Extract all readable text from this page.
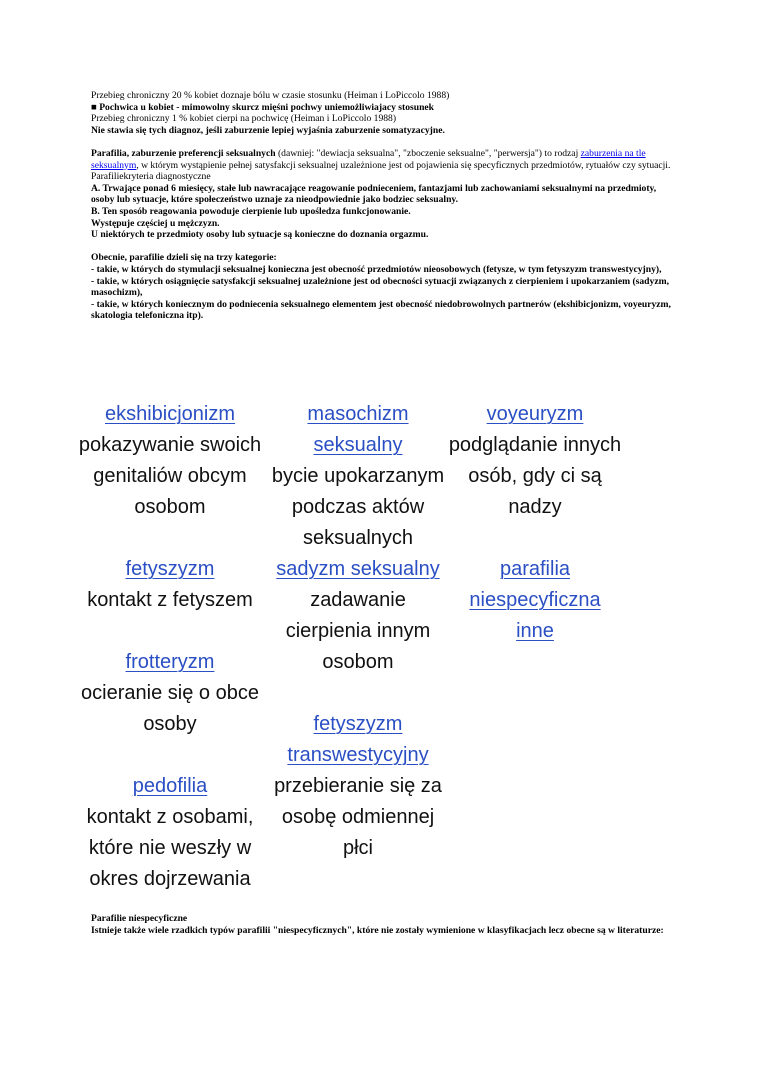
Przebieg chroniczny 20 % kobiet doznaje bólu w czasie stosunku (Heiman i LoPiccolo 1988)

■ Pochwica u kobiet - mimowolny skurcz mięśni pochwy uniemożliwiajacy stosunek

Przebieg chroniczny 1 % kobiet cierpi na pochwicę (Heiman i LoPiccolo 1988)

Nie stawia się tych diagnoz, jeśli zaburzenie lepiej wyjaśnia zaburzenie somatyzacyjne.

Parafilia, zaburzenie preferencji seksualnych (dawniej: "dewiacja seksualna", "zboczenie seksualne", "perwersja") to rodzaj zaburzenia na tle seksualnym, w którym wystąpienie pełnej satysfakcji seksualnej uzależnione jest od pojawienia się specyficznych przedmiotów, rytuałów czy sytuacji.

Parafiliekryteria diagnostyczne

A. Trwające ponad 6 miesięcy, stałe lub nawracające reagowanie podnieceniem, fantazjami lub zachowaniami seksualnymi na przedmioty, osoby lub sytuacje, które społeczeństwo uznaje za nieodpowiednie jako bodziec seksualny.

B. Ten sposób reagowania powoduje cierpienie lub upośledza funkcjonowanie.

Występuje częściej u mężczyzn.

U niektórych te przedmioty osoby lub sytuacje są konieczne do doznania orgazmu.

Obecnie, parafilie dzieli się na trzy kategorie:

- takie, w których do stymulacji seksualnej konieczna jest obecność przedmiotów nieosobowych (fetysze, w tym fetyszyzm transwestycyjny),

- takie, w których osiągnięcie satysfakcji seksualnej uzależnione jest od obecności sytuacji związanych z cierpieniem i upokarzaniem (sadyzm, masochizm),

- takie, w których koniecznym do podniecenia seksualnego elementem jest obecność niedobrowolnych partnerów (ekshibicjonizm, voyeuryzm, skatologia telefoniczna itp).

ekshibicjonizm
pokazywanie swoich
genitaliów obcym
osobom
fetyszyzm
kontakt z fetyszem
frotteryzm
ocieranie się o obce
osoby
pedofilia
kontakt z osobami,
które nie weszły w
okres dojrzewania
masochizm
seksualny
bycie upokarzanym
podczas aktów
seksualnych
sadyzm seksualny
zadawanie
cierpienia innym
osobom
fetyszyzm
transwestycyjny
przebieranie się za
osobę odmiennej
płci
voyeuryzm
podglądanie innych
osób, gdy ci są
nadzy
parafilia
niespecyficzna
inne

Parafilie niespecyficzne

Istnieje także wiele rzadkich typów parafilii "niespecyficznych", które nie zostały wymienione w klasyfikacjach lecz obecne są w literaturze:
